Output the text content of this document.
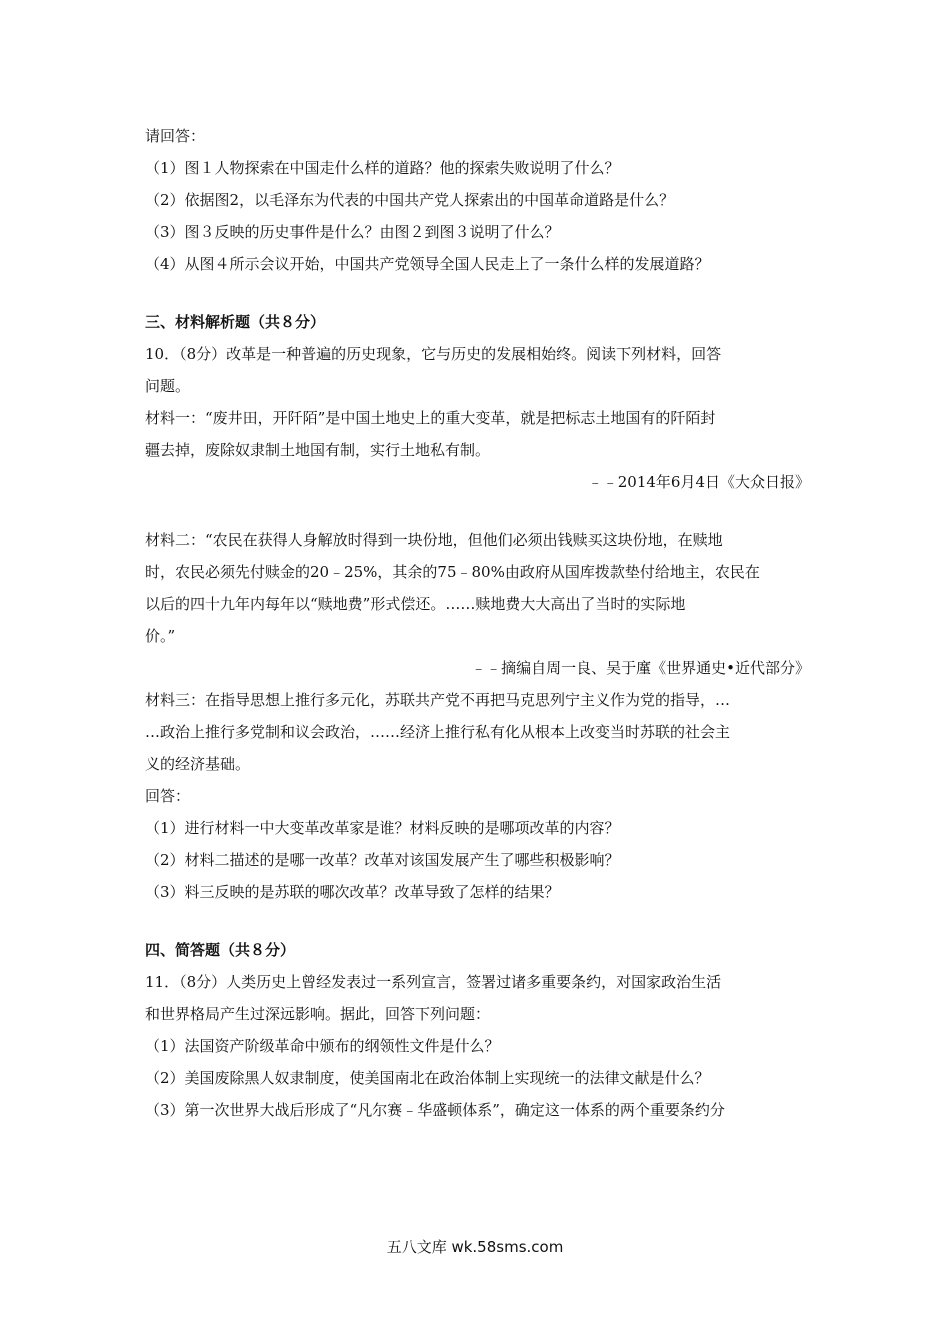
请回答：
（1）图１人物探索在中国走什么样的道路？他的探索失败说明了什么？
（2）依据图2，以毛泽东为代表的中国共产党人探索出的中国革命道路是什么？
（3）图３反映的历史事件是什么？由图２到图３说明了什么？
（4）从图４所示会议开始，中国共产党领导全国人民走上了一条什么样的发展道路？
三、材料解析题（共８分）
10．（8分）改革是一种普遍的历史现象，它与历史的发展相始终。阅读下列材料，回答
问题。
材料一：“废井田，开阡陌”是中国土地史上的重大变革，就是把标志土地国有的阡陌封
疆去掉，废除奴隶制土地国有制，实行土地私有制。
﹣﹣2014年6月4日《大众日报》
材料二：“农民在获得人身解放时得到一块份地，但他们必须出钱赎买这块份地，在赎地
时，农民必须先付赎金的20﹣25%，其余的75﹣80%由政府从国库拨款垫付给地主，农民在
以后的四十九年内每年以“赎地费”形式偿还。……赎地费大大高出了当时的实际地
价。”
﹣﹣摘编自周一良、吴于廑《世界通史•近代部分》
材料三：在指导思想上推行多元化，苏联共产党不再把马克思列宁主义作为党的指导，…
…政治上推行多党制和议会政治，……经济上推行私有化从根本上改变当时苏联的社会主
义的经济基础。
回答：
（1）进行材料一中大变革改革家是谁？材料反映的是哪项改革的内容？
（2）材料二描述的是哪一改革？改革对该国发展产生了哪些积极影响？
（3）料三反映的是苏联的哪次改革？改革导致了怎样的结果？
四、简答题（共８分）
11．（8分）人类历史上曾经发表过一系列宣言，签署过诸多重要条约，对国家政治生活
和世界格局产生过深远影响。据此，回答下列问题：
（1）法国资产阶级革命中颁布的纲领性文件是什么？
（2）美国废除黑人奴隶制度，使美国南北在政治体制上实现统一的法律文献是什么？
（3）第一次世界大战后形成了“凡尔赛﹣华盛顿体系”，确定这一体系的两个重要条约分
五八文库 wk.58sms.com
